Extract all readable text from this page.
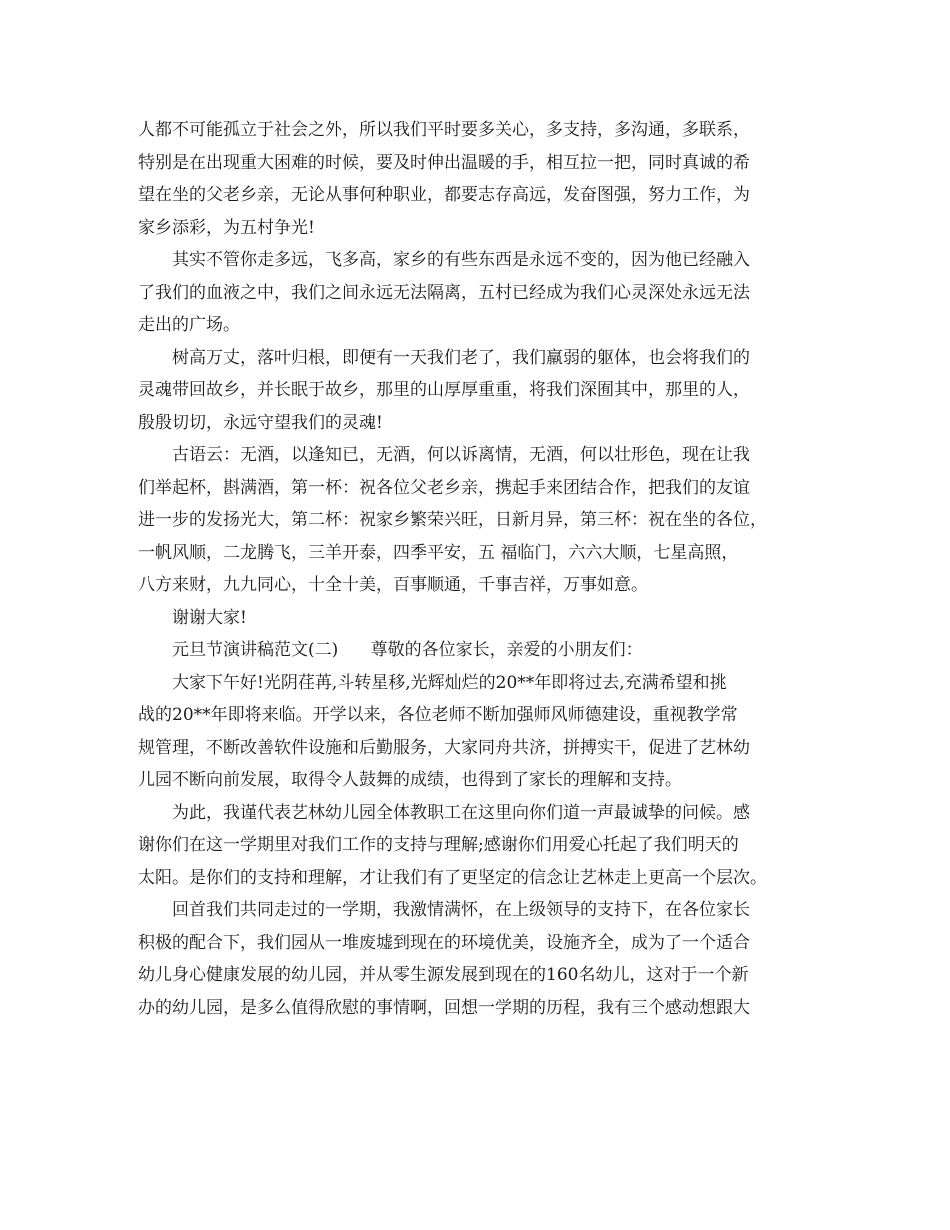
人都不可能孤立于社会之外，所以我们平时要多关心，多支持，多沟通，多联系，
特别是在出现重大困难的时候，要及时伸出温暖的手，相互拉一把，同时真诚的希
望在坐的父老乡亲，无论从事何种职业，都要志存高远，发奋图强，努力工作，为
家乡添彩，为五村争光!

其实不管你走多远，飞多高，家乡的有些东西是永远不变的，因为他已经融入
了我们的血液之中，我们之间永远无法隔离，五村已经成为我们心灵深处永远无法
走出的广场。

树高万丈，落叶归根，即便有一天我们老了，我们羸弱的躯体，也会将我们的
灵魂带回故乡，并长眠于故乡，那里的山厚厚重重，将我们深囿其中，那里的人，
殷殷切切，永远守望我们的灵魂!

古语云：无酒，以逢知已，无酒，何以诉离情，无酒，何以壮形色，现在让我
们举起杯，斟满酒，第一杯：祝各位父老乡亲，携起手来团结合作，把我们的友谊
进一步的发扬光大，第二杯：祝家乡繁荣兴旺，日新月异，第三杯：祝在坐的各位，
一帆风顺，二龙腾飞，三羊开泰，四季平安，五 福临门，六六大顺，七星高照，
八方来财，九九同心，十全十美，百事顺通，千事吉祥，万事如意。

谢谢大家!

元旦节演讲稿范文(二)      尊敬的各位家长，亲爱的小朋友们：

大家下午好!光阴荏苒,斗转星移,光辉灿烂的20**年即将过去,充满希望和挑
战的20**年即将来临。开学以来，各位老师不断加强师风师德建设，重视教学常
规管理，不断改善软件设施和后勤服务，大家同舟共济，拼搏实干，促进了艺林幼
儿园不断向前发展，取得令人鼓舞的成绩，也得到了家长的理解和支持。

为此，我谨代表艺林幼儿园全体教职工在这里向你们道一声最诚挚的问候。感
谢你们在这一学期里对我们工作的支持与理解;感谢你们用爱心托起了我们明天的
太阳。是你们的支持和理解，才让我们有了更坚定的信念让艺林走上更高一个层次。

回首我们共同走过的一学期，我激情满怀，在上级领导的支持下，在各位家长
积极的配合下，我们园从一堆废墟到现在的环境优美，设施齐全，成为了一个适合
幼儿身心健康发展的幼儿园，并从零生源发展到现在的160名幼儿，这对于一个新
办的幼儿园，是多么值得欣慰的事情啊，回想一学期的历程，我有三个感动想跟大
